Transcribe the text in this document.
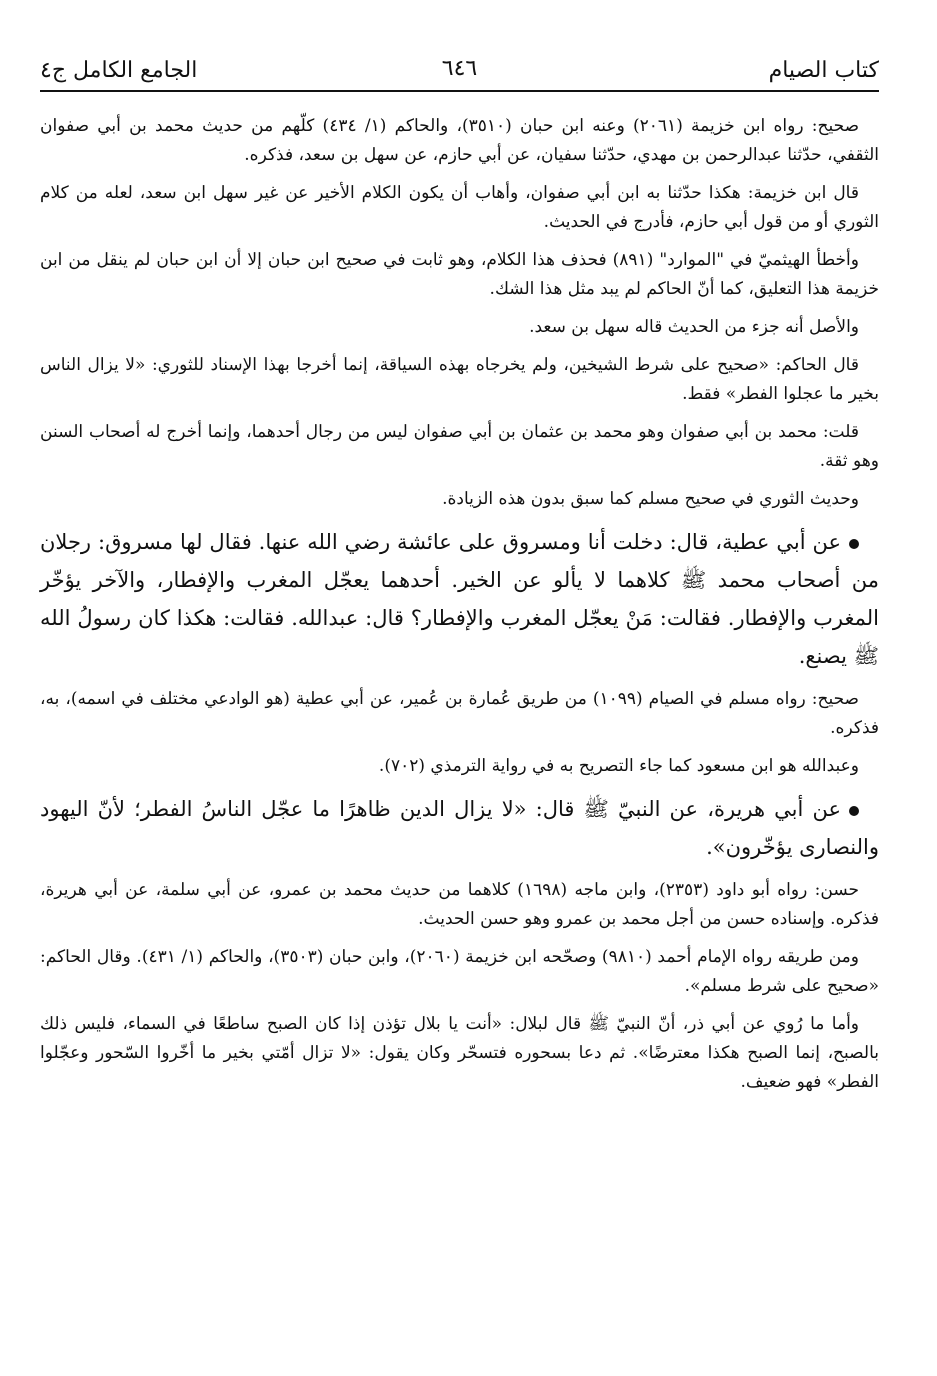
كتاب الصيام
٦٤٦
الجامع الكامل ج٤

صحيح: رواه ابن خزيمة (٢٠٦١) وعنه ابن حبان (٣٥١٠)، والحاكم (١/ ٤٣٤) كلّهم من حديث محمد بن أبي صفوان الثقفي، حدّثنا عبدالرحمن بن مهدي، حدّثنا سفيان، عن أبي حازم، عن سهل بن سعد، فذكره.

قال ابن خزيمة: هكذا حدّثنا به ابن أبي صفوان، وأهاب أن يكون الكلام الأخير عن غير سهل ابن سعد، لعله من كلام الثوري أو من قول أبي حازم، فأدرج في الحديث.

وأخطأ الهيثميّ في "الموارد" (٨٩١) فحذف هذا الكلام، وهو ثابت في صحيح ابن حبان إلا أن ابن حبان لم ينقل من ابن خزيمة هذا التعليق، كما أنّ الحاكم لم يبد مثل هذا الشك.

والأصل أنه جزء من الحديث قاله سهل بن سعد.

قال الحاكم: «صحيح على شرط الشيخين، ولم يخرجاه بهذه السياقة، إنما أخرجا بهذا الإسناد للثوري: «لا يزال الناس بخير ما عجلوا الفطر» فقط.

قلت: محمد بن أبي صفوان وهو محمد بن عثمان بن أبي صفوان ليس من رجال أحدهما، وإنما أخرج له أصحاب السنن وهو ثقة.

وحديث الثوري في صحيح مسلم كما سبق بدون هذه الزيادة.

عن أبي عطية، قال: دخلت أنا ومسروق على عائشة رضي الله عنها. فقال لها مسروق: رجلان من أصحاب محمد ﷺ كلاهما لا يألو عن الخير. أحدهما يعجّل المغرب والإفطار، والآخر يؤخّر المغرب والإفطار. فقالت: مَنْ يعجّل المغرب والإفطار؟ قال: عبدالله. فقالت: هكذا كان رسولُ الله ﷺ يصنع.

صحيح: رواه مسلم في الصيام (١٠٩٩) من طريق عُمارة بن عُمير، عن أبي عطية (هو الوادعي مختلف في اسمه)، به، فذكره.

وعبدالله هو ابن مسعود كما جاء التصريح به في رواية الترمذي (٧٠٢).

عن أبي هريرة، عن النبيّ ﷺ قال: «لا يزال الدين ظاهرًا ما عجّل الناسُ الفطر؛ لأنّ اليهود والنصارى يؤخّرون».

حسن: رواه أبو داود (٢٣٥٣)، وابن ماجه (١٦٩٨) كلاهما من حديث محمد بن عمرو، عن أبي سلمة، عن أبي هريرة، فذكره. وإسناده حسن من أجل محمد بن عمرو وهو حسن الحديث.

ومن طريقه رواه الإمام أحمد (٩٨١٠) وصحّحه ابن خزيمة (٢٠٦٠)، وابن حبان (٣٥٠٣)، والحاكم (١/ ٤٣١). وقال الحاكم: «صحيح على شرط مسلم».

وأما ما رُوي عن أبي ذر، أنّ النبيّ ﷺ قال لبلال: «أنت يا بلال تؤذن إذا كان الصبح ساطعًا في السماء، فليس ذلك بالصبح، إنما الصبح هكذا معترضًا». ثم دعا بسحوره فتسحّر وكان يقول: «لا تزال أمّتي بخير ما أخّروا السّحور وعجّلوا الفطر» فهو ضعيف.
